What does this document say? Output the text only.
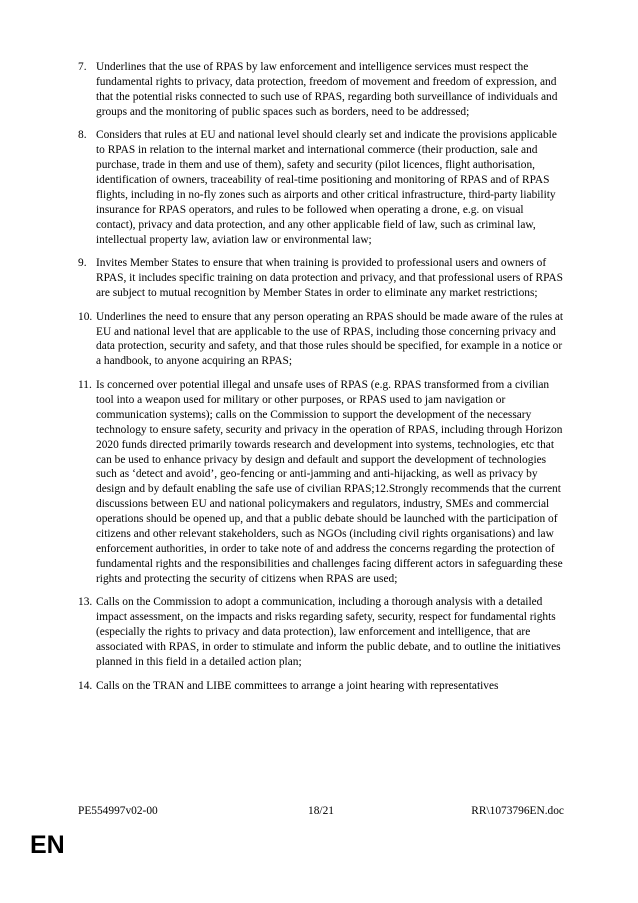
7. Underlines that the use of RPAS by law enforcement and intelligence services must respect the fundamental rights to privacy, data protection, freedom of movement and freedom of expression, and that the potential risks connected to such use of RPAS, regarding both surveillance of individuals and groups and the monitoring of public spaces such as borders, need to be addressed;
8. Considers that rules at EU and national level should clearly set and indicate the provisions applicable to RPAS in relation to the internal market and international commerce (their production, sale and purchase, trade in them and use of them), safety and security (pilot licences, flight authorisation, identification of owners, traceability of real-time positioning and monitoring of RPAS and of RPAS flights, including in no-fly zones such as airports and other critical infrastructure, third-party liability insurance for RPAS operators, and rules to be followed when operating a drone, e.g. on visual contact), privacy and data protection, and any other applicable field of law, such as criminal law, intellectual property law, aviation law or environmental law;
9. Invites Member States to ensure that when training is provided to professional users and owners of RPAS, it includes specific training on data protection and privacy, and that professional users of RPAS are subject to mutual recognition by Member States in order to eliminate any market restrictions;
10. Underlines the need to ensure that any person operating an RPAS should be made aware of the rules at EU and national level that are applicable to the use of RPAS, including those concerning privacy and data protection, security and safety, and that those rules should be specified, for example in a notice or a handbook, to anyone acquiring an RPAS;
11. Is concerned over potential illegal and unsafe uses of RPAS (e.g. RPAS transformed from a civilian tool into a weapon used for military or other purposes, or RPAS used to jam navigation or communication systems); calls on the Commission to support the development of the necessary technology to ensure safety, security and privacy in the operation of RPAS, including through Horizon 2020 funds directed primarily towards research and development into systems, technologies, etc that can be used to enhance privacy by design and default and support the development of technologies such as ‘detect and avoid’, geo-fencing or anti-jamming and anti-hijacking, as well as privacy by design and by default enabling the safe use of civilian RPAS;12.Strongly recommends that the current discussions between EU and national policymakers and regulators, industry, SMEs and commercial operations should be opened up, and that a public debate should be launched with the participation of citizens and other relevant stakeholders, such as NGOs (including civil rights organisations) and law enforcement authorities, in order to take note of and address the concerns regarding the protection of fundamental rights and the responsibilities and challenges facing different actors in safeguarding these rights and protecting the security of citizens when RPAS are used;
13. Calls on the Commission to adopt a communication, including a thorough analysis with a detailed impact assessment, on the impacts and risks regarding safety, security, respect for fundamental rights (especially the rights to privacy and data protection), law enforcement and intelligence, that are associated with RPAS, in order to stimulate and inform the public debate, and to outline the initiatives planned in this field in a detailed action plan;
14. Calls on the TRAN and LIBE committees to arrange a joint hearing with representatives
PE554997v02-00	18/21	RR\1073796EN.doc
EN
